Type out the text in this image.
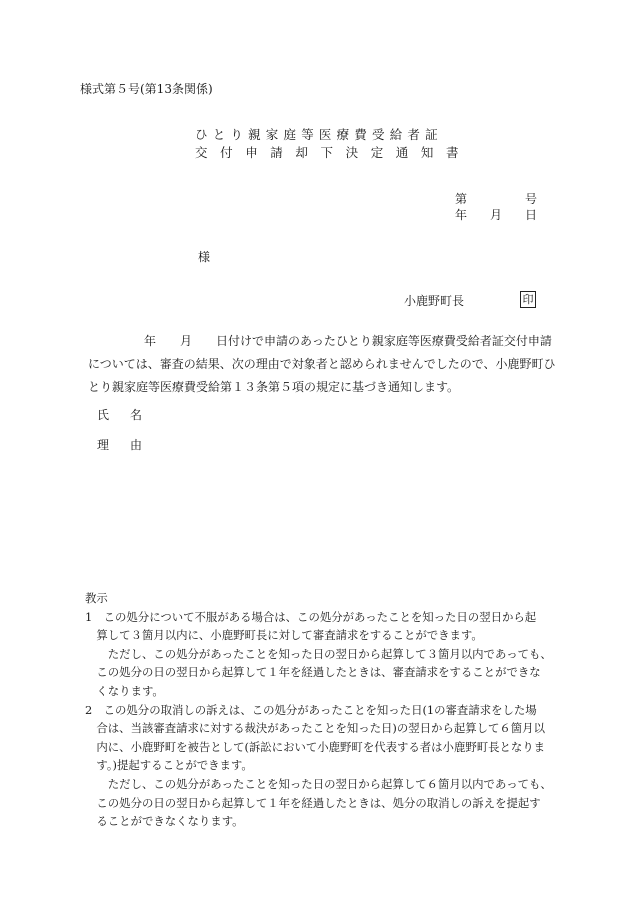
様式第５号(第13条関係)
ひとり親家庭等医療費受給者証
交付申請却下決定通知書
第	号
年 月 日
様
小鹿野町長	印
年 月 日付けで申請のあったひとり親家庭等医療費受給者証交付申請
については、審査の結果、次の理由で対象者と認められませんでしたので、小鹿野町ひ
とり親家庭等医療費受給第１３条第５項の規定に基づき通知します。
氏 名
理 由
教示
1　この処分について不服がある場合は、この処分があったことを知った日の翌日から起
　算して３箇月以内に、小鹿野町長に対して審査請求をすることができます。
　　ただし、この処分があったことを知った日の翌日から起算して３箇月以内であっても、
　この処分の日の翌日から起算して１年を経過したときは、審査請求をすることができな
　くなります。
2　この処分の取消しの訴えは、この処分があったことを知った日(1の審査請求をした場
　合は、当該審査請求に対する裁決があったことを知った日)の翌日から起算して６箇月以
　内に、小鹿野町を被告として(訴訟において小鹿野町を代表する者は小鹿野町長となりま
　す。)提起することができます。
　　ただし、この処分があったことを知った日の翌日から起算して６箇月以内であっても、
　この処分の日の翌日から起算して１年を経過したときは、処分の取消しの訴えを提起す
　ることができなくなります。
